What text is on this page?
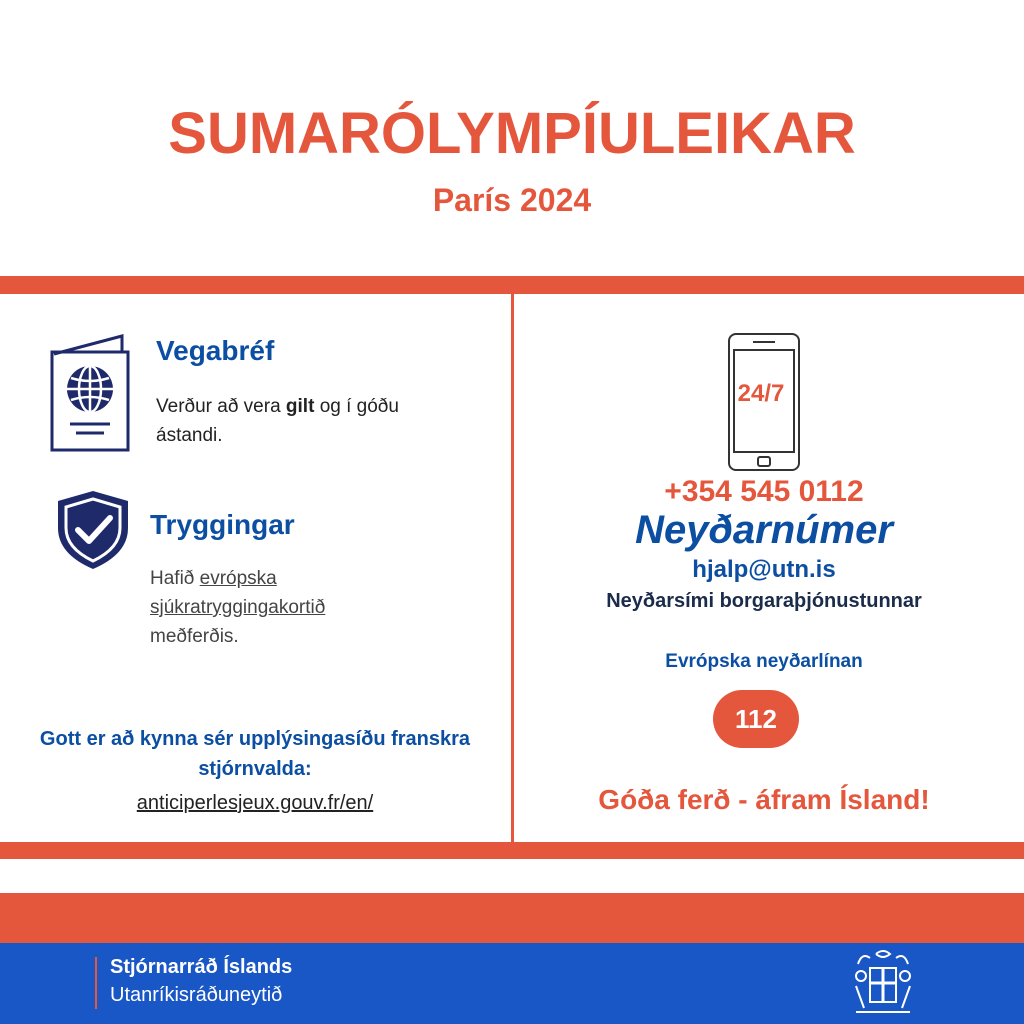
SUMARÓLYMPÍULEIKAR
París 2024
Vegabréf
Verður að vera gilt og í góðu
ástandi.
Tryggingar
Hafið evrópska
sjúkratryggingakortið
meðferðis.
Gott er að kynna sér upplýsingasíðu franskra
stjórnvalda:
anticiperlesjeux.gouv.fr/en/
24/7
+354 545 0112
Neyðarnúmer
hjalp@utn.is
Neyðarsími borgaraþjónustunnar
Evrópska neyðarlínan
112
Góða ferð - áfram Ísland!
Stjórnarráð Íslands
Utanríkisráðuneytið
